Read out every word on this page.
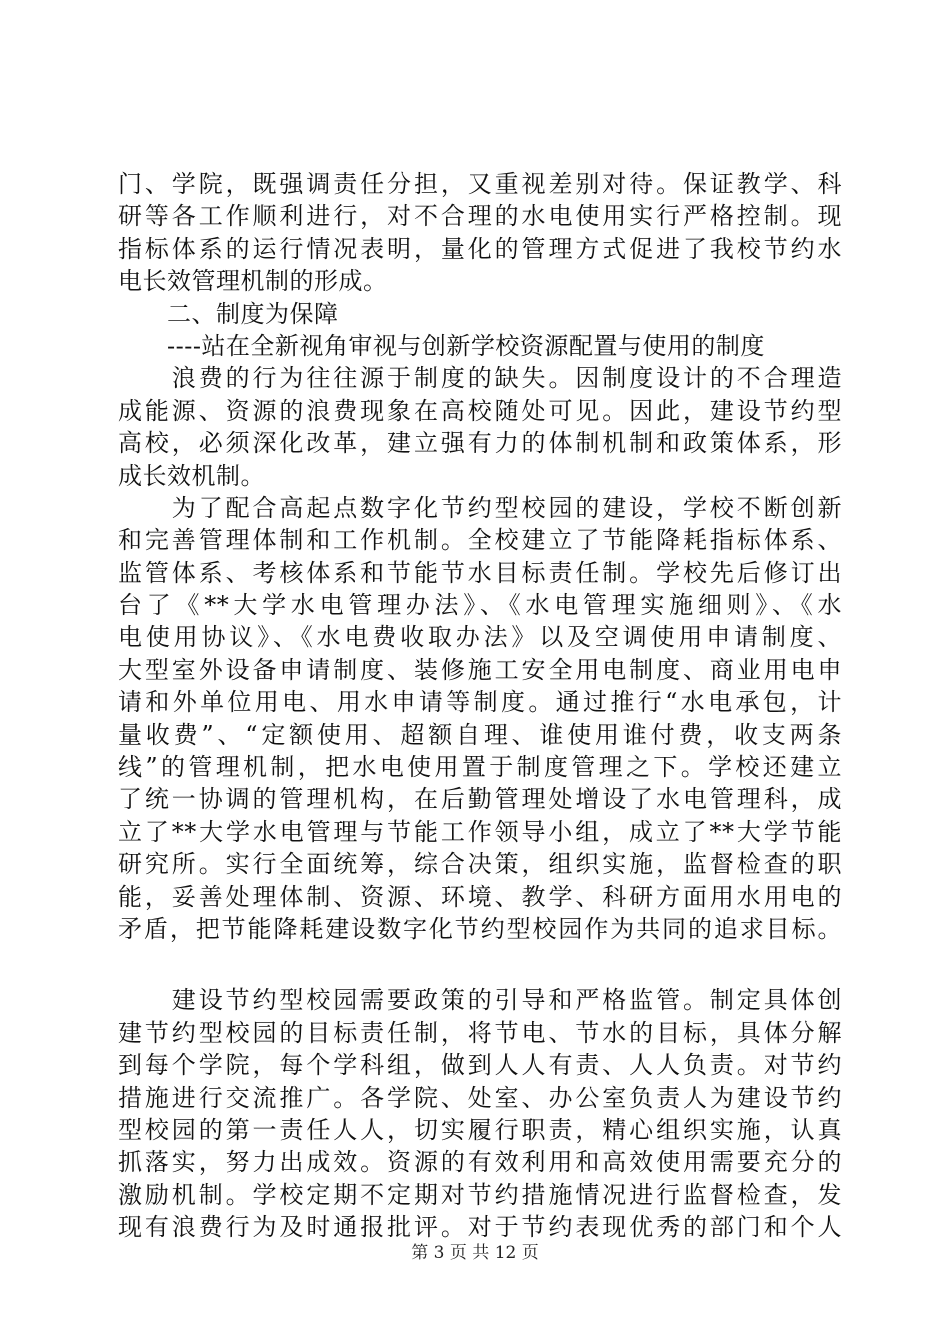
门、学院，既强调责任分担，又重视差别对待。保证教学、科
研等各工作顺利进行，对不合理的水电使用实行严格控制。现
指标体系的运行情况表明，量化的管理方式促进了我校节约水
电长效管理机制的形成。
　　二、制度为保障
　　----站在全新视角审视与创新学校资源配置与使用的制度
　　浪费的行为往往源于制度的缺失。因制度设计的不合理造
成能源、资源的浪费现象在高校随处可见。因此，建设节约型
高校，必须深化改革，建立强有力的体制机制和政策体系，形
成长效机制。
　　为了配合高起点数字化节约型校园的建设，学校不断创新
和完善管理体制和工作机制。全校建立了节能降耗指标体系、
监管体系、考核体系和节能节水目标责任制。学校先后修订出
台了《**大学水电管理办法》、《水电管理实施细则》、《水
电使用协议》、《水电费收取办法》以及空调使用申请制度、
大型室外设备申请制度、装修施工安全用电制度、商业用电申
请和外单位用电、用水申请等制度。通过推行“水电承包，计
量收费”、“定额使用、超额自理、谁使用谁付费，收支两条
线”的管理机制，把水电使用置于制度管理之下。学校还建立
了统一协调的管理机构，在后勤管理处增设了水电管理科，成
立了**大学水电管理与节能工作领导小组，成立了**大学节能
研究所。实行全面统筹，综合决策，组织实施，监督检查的职
能，妥善处理体制、资源、环境、教学、科研方面用水用电的
矛盾，把节能降耗建设数字化节约型校园作为共同的追求目标。
　　建设节约型校园需要政策的引导和严格监管。制定具体创
建节约型校园的目标责任制，将节电、节水的目标，具体分解
到每个学院，每个学科组，做到人人有责、人人负责。对节约
措施进行交流推广。各学院、处室、办公室负责人为建设节约
型校园的第一责任人人，切实履行职责，精心组织实施，认真
抓落实，努力出成效。资源的有效利用和高效使用需要充分的
激励机制。学校定期不定期对节约措施情况进行监督检查，发
现有浪费行为及时通报批评。对于节约表现优秀的部门和个人
第 3 页 共 12 页
